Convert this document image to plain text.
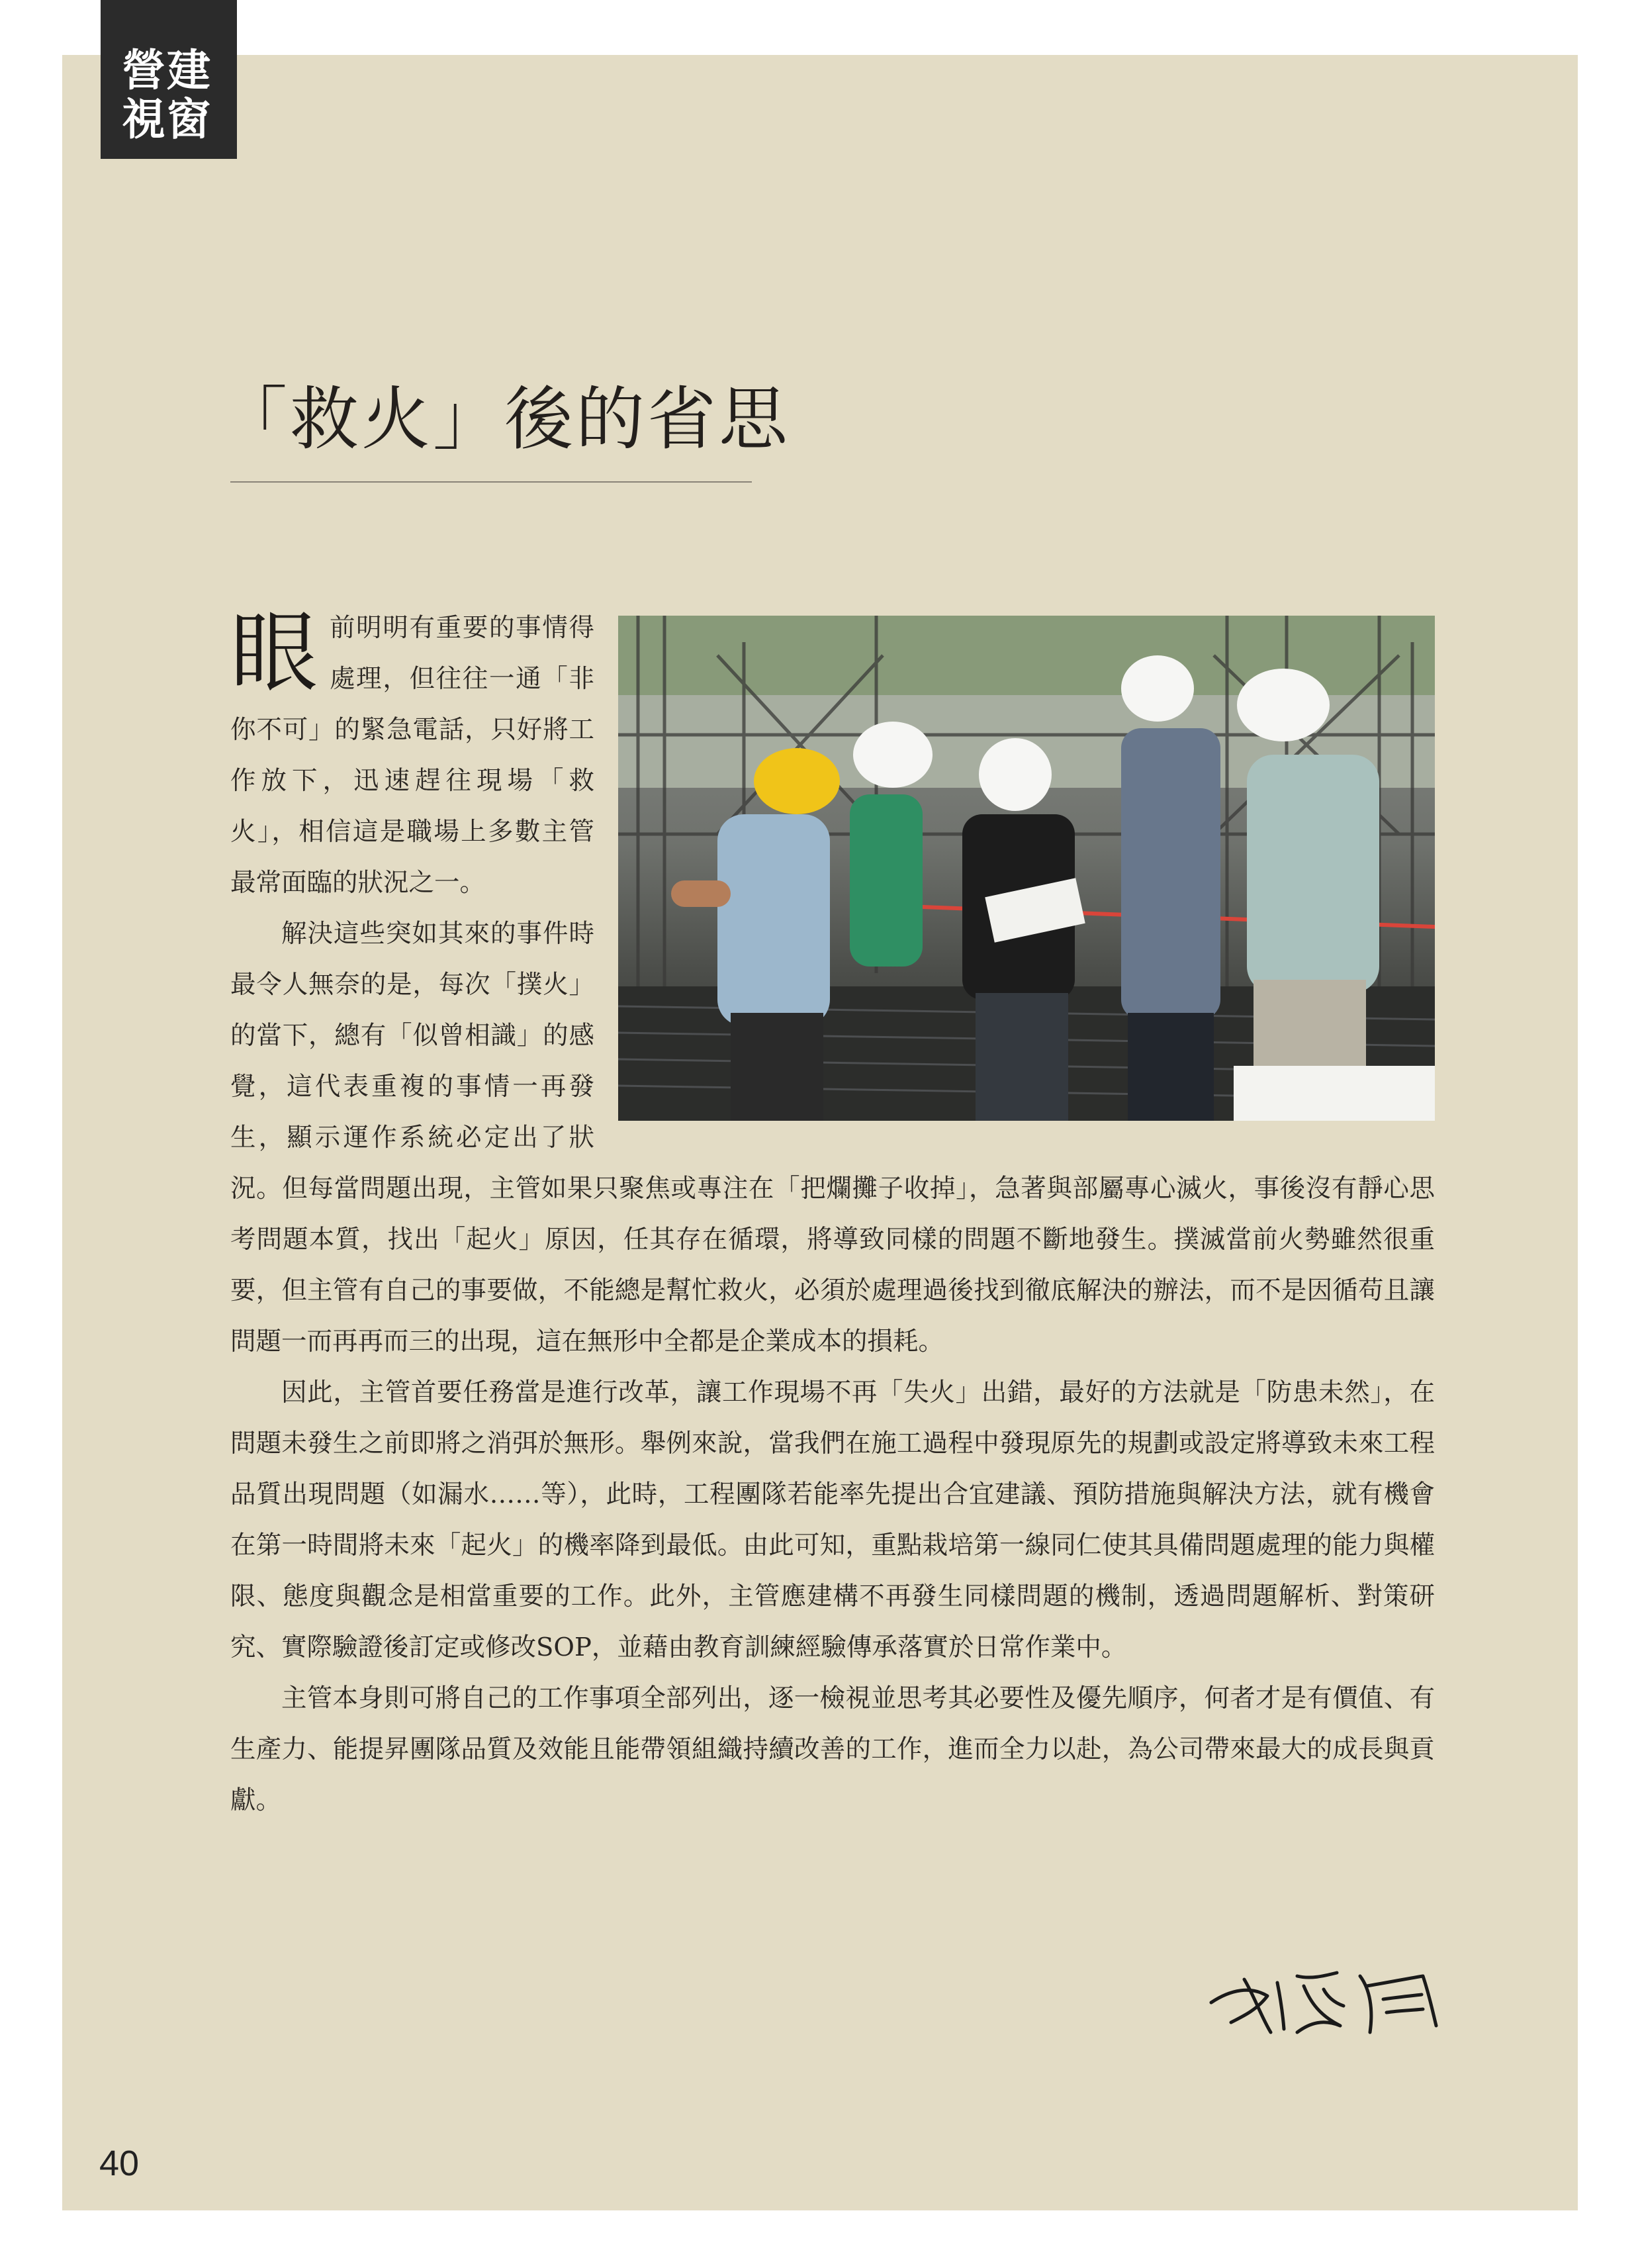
營建
視窗
「救火」後的省思

眼前明明有重要的事情得處理，但往往一通「非你不可」的緊急電話，只好將工作放下，迅速趕往現場「救火」，相信這是職場上多數主管最常面臨的狀況之一。

解決這些突如其來的事件時最令人無奈的是，每次「撲火」的當下，總有「似曾相識」的感覺，這代表重複的事情一再發生，顯示運作系統必定出了狀況。但每當問題出現，主管如果只聚焦或專注在「把爛攤子收掉」，急著與部屬專心滅火，事後沒有靜心思考問題本質，找出「起火」原因，任其存在循環，將導致同樣的問題不斷地發生。撲滅當前火勢雖然很重要，但主管有自己的事要做，不能總是幫忙救火，必須於處理過後找到徹底解決的辦法，而不是因循苟且讓問題一而再再而三的出現，這在無形中全都是企業成本的損耗。

因此，主管首要任務當是進行改革，讓工作現場不再「失火」出錯，最好的方法就是「防患未然」，在問題未發生之前即將之消弭於無形。舉例來說，當我們在施工過程中發現原先的規劃或設定將導致未來工程品質出現問題（如漏水……等），此時，工程團隊若能率先提出合宜建議、預防措施與解決方法，就有機會在第一時間將未來「起火」的機率降到最低。由此可知，重點栽培第一線同仁使其具備問題處理的能力與權限、態度與觀念是相當重要的工作。此外，主管應建構不再發生同樣問題的機制，透過問題解析、對策研究、實際驗證後訂定或修改SOP，並藉由教育訓練經驗傳承落實於日常作業中。

主管本身則可將自己的工作事項全部列出，逐一檢視並思考其必要性及優先順序，何者才是有價值、有生產力、能提昇團隊品質及效能且能帶領組織持續改善的工作，進而全力以赴，為公司帶來最大的成長與貢獻。

40
